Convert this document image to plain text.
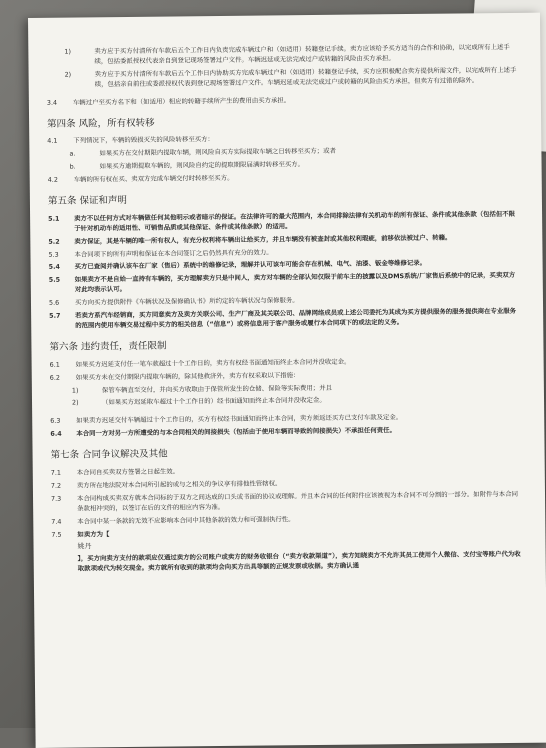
1)	卖方应于买方付清所有车款后五个工作日内负责完成车辆过户和（如适用）转籍登记手续。卖方应该给予买方适当的合作和协助，以完成所有上述手续，包括委派授权代表亲自到登记现场签署过户文件。车辆迟延或无法完成过户或转籍的风险由买方承担。
2)	卖方应于买方付清所有车款后五个工作日内协助买方完成车辆过户和（如适用）转籍登记手续，买方应积极配合卖方提供所需文件，以完成所有上述手续，包括亲自前往或委派授权代表到登记现场签署过户文件。车辆迟延或无法完成过户或转籍的风险由买方承担，但卖方有过错的除外。
3.4	车辆过户至买方名下和（如适用）相应的转籍手续所产生的费用由买方承担。
第四条 风险，所有权转移
4.1	下列情况下，车辆的毁损灭失的风险转移至买方：
a.	如果买方在交付期限内提取车辆，则风险自买方实际提取车辆之日转移至买方；或者
b.	如果买方逾期提取车辆的，则风险自约定的提取期限届满时转移至买方。
4.2	车辆的所有权在买、卖双方完成车辆交付时转移至买方。
第五条 保证和声明
5.1	卖方不以任何方式对车辆做任何其他明示或者暗示的保证。在法律许可的最大范围内，本合同排除法律有关机动车的所有保证、条件或其他条款（包括但不限于针对机动车的适用性、可销售品质或其他保证、条件或其他条款）的适用。
5.2	卖方保证，其是车辆的唯一所有权人，有充分权利将车辆出让给买方，并且车辆没有被查封或其他权利瑕疵，前移依法被过户、转籍。
5.3	本合同项下的所有声明和保证在本合同签订之后仍然具有充分的效力。
5.4	买方已查阅并确认该车在厂家（售后）系统中的维修记录，理解并认可该车可能会存在机械、电气、油漆、钣金等维修记录。
5.5	如果卖方不是自始一直持有车辆的，买方理解卖方只是中间人，卖方对车辆的全部认知仅限于前车主的披露以及DMS系统/厂家售后系统中的记录，买卖双方对此均表示认可。
5.6	买方向买方提供附件《车辆状况及保修确认书》所约定的车辆状况与保修服务。
5.7	若卖方系汽车经销商，买方同意卖方及卖方关联公司、生产厂商及其关联公司、品牌网络成员或上述公司委托为其成为买方提供服务的服务提供商在专业服务的范围内使用车辆交易过程中买方的相关信息（“信息”）或将信息用于客户服务或履行本合同项下的或法定的义务。
第六条 违约责任，责任限制
6.1	如果买方迟延支付任一笔车款超过十个工作日的，卖方有权经书面通知而终止本合同并没收定金。
6.2	如果买方未在交付期限内提取车辆的，除其他救济外，卖方有权采取以下措施：
1)	保管车辆直至交付，并向买方收取由于保管所发生的仓储、保险等实际费用；并且
2)	（如果买方迟延取车超过十个工作日的）经书面通知而终止本合同并没收定金。
6.3	如果卖方迟延交付车辆超过十个工作日的，买方有权经书面通知而终止本合同，卖方须返还买方已支付车款及定金。
6.4	本合同一方对另一方所遭受的与本合同相关的间接损失（包括由于使用车辆而导致的间接损失）不承担任何责任。
第七条 合同争议解决及其他
7.1	本合同自买卖双方签署之日起生效。
7.2	卖方所在地法院对本合同所引起的或与之相关的争议享有排他性管辖权。
7.3	本合同构成买卖双方就本合同标的于双方之间达成的口头或书面的协议或理解。并且本合同的任何附件应该被视为本合同不可分割的一部分。如附件与本合同条款相冲突的，以签订在后的文件的相应内容为准。
7.4	本合同中某一条款的无效不应影响本合同中其他条款的效力和可强制执行性。
7.5	如卖方为【
姚丹
】，买方向卖方支付的款项应仅通过卖方的公司账户或卖方的财务收银台（“卖方收款渠道”），卖方知晓卖方不允许其员工使用个人微信、支付宝等账户代为收取款项或代为转交现金。卖方就所有收到的款项均会向买方出具等额的正规发票或收据。卖方确认通
